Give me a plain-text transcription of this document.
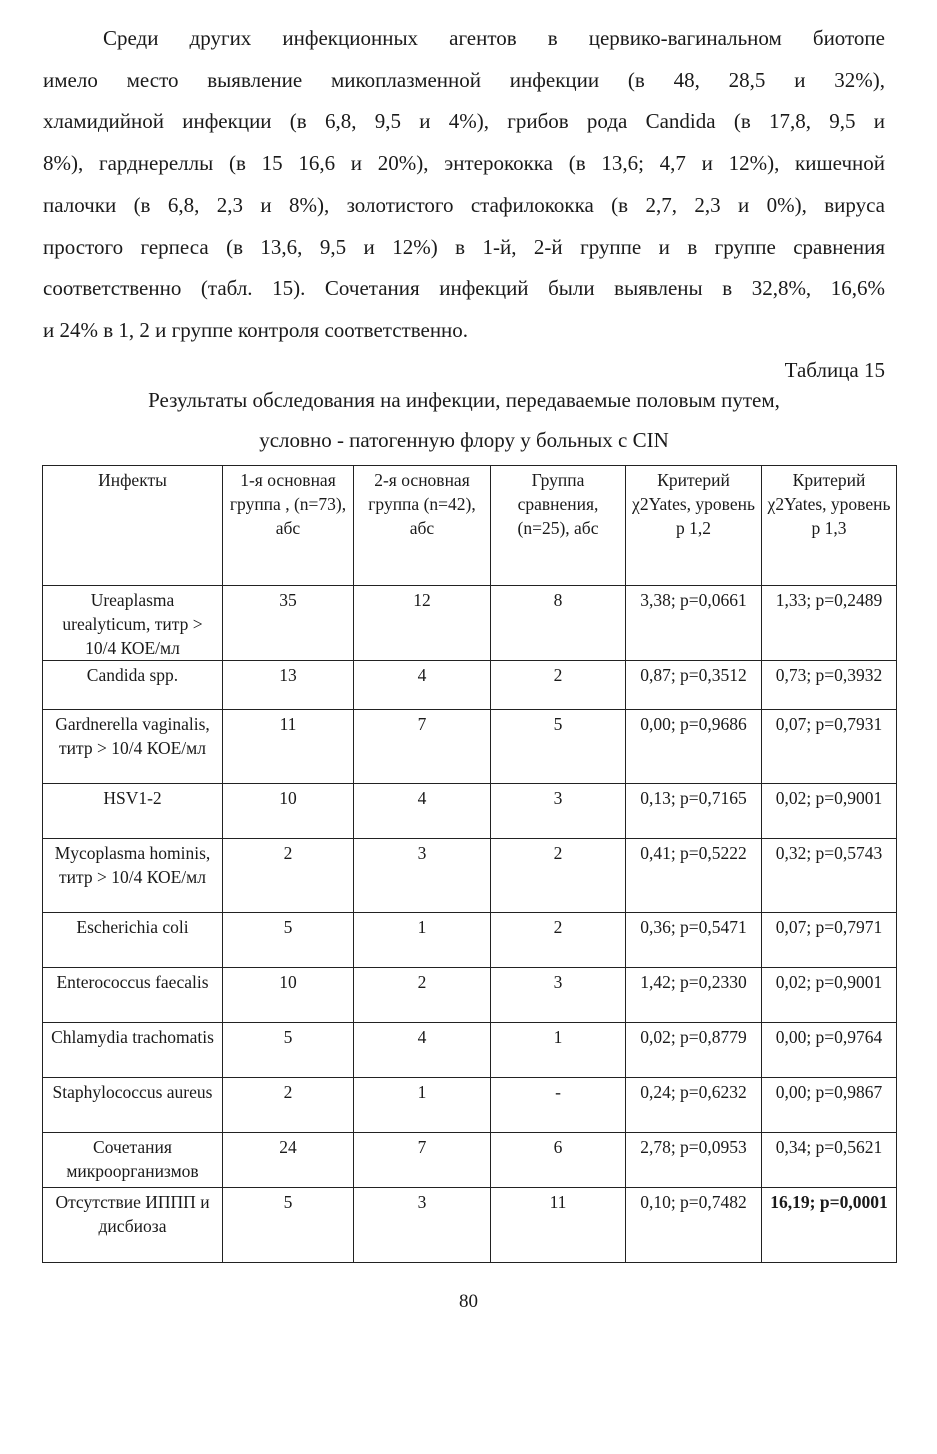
Среди других инфекционных агентов в цервико-вагинальном биотопе
имело место выявление микоплазменной инфекции (в 48, 28,5 и 32%),
хламидийной инфекции (в 6,8, 9,5 и 4%), грибов рода Candida (в 17,8, 9,5 и
8%), гарднереллы (в 15 16,6 и 20%), энтерококка (в 13,6; 4,7 и 12%), кишечной
палочки (в 6,8, 2,3 и 8%), золотистого стафилококка (в 2,7, 2,3 и 0%), вируса
простого герпеса (в 13,6, 9,5 и 12%) в 1-й, 2-й группе и в группе сравнения
соответственно (табл. 15). Сочетания инфекций были выявлены в 32,8%, 16,6%
и 24% в 1, 2 и группе контроля соответственно.

Таблица 15

Результаты обследования на инфекции, передаваемые половым путем,

условно - патогенную флору у больных с CIN

Инфекты	1-я основная группа , (n=73), абс	2-я основная группа (n=42), абс	Группа сравнения, (n=25), абс	Критерий χ2Yates, уровень p 1,2	Критерий χ2Yates, уровень p 1,3
Ureaplasma urealyticum, титр > 10/4 КОЕ/мл	35	12	8	3,38; p=0,0661	1,33; p=0,2489
Candida spp.	13	4	2	0,87; p=0,3512	0,73; p=0,3932
Gardnerella vaginalis, титр > 10/4 КОЕ/мл	11	7	5	0,00; p=0,9686	0,07; p=0,7931
HSV1-2	10	4	3	0,13; p=0,7165	0,02; p=0,9001
Mycoplasma hominis, титр > 10/4 КОЕ/мл	2	3	2	0,41; p=0,5222	0,32; p=0,5743
Escherichia coli	5	1	2	0,36; p=0,5471	0,07; p=0,7971
Enterococcus faecalis	10	2	3	1,42; p=0,2330	0,02; p=0,9001
Chlamydia trachomatis	5	4	1	0,02; p=0,8779	0,00; p=0,9764
Staphylococcus aureus	2	1	-	0,24; p=0,6232	0,00; p=0,9867
Сочетания микроорганизмов	24	7	6	2,78; p=0,0953	0,34; p=0,5621
Отсутствие ИППП и дисбиоза	5	3	11	0,10; p=0,7482	16,19; p=0,0001

80
